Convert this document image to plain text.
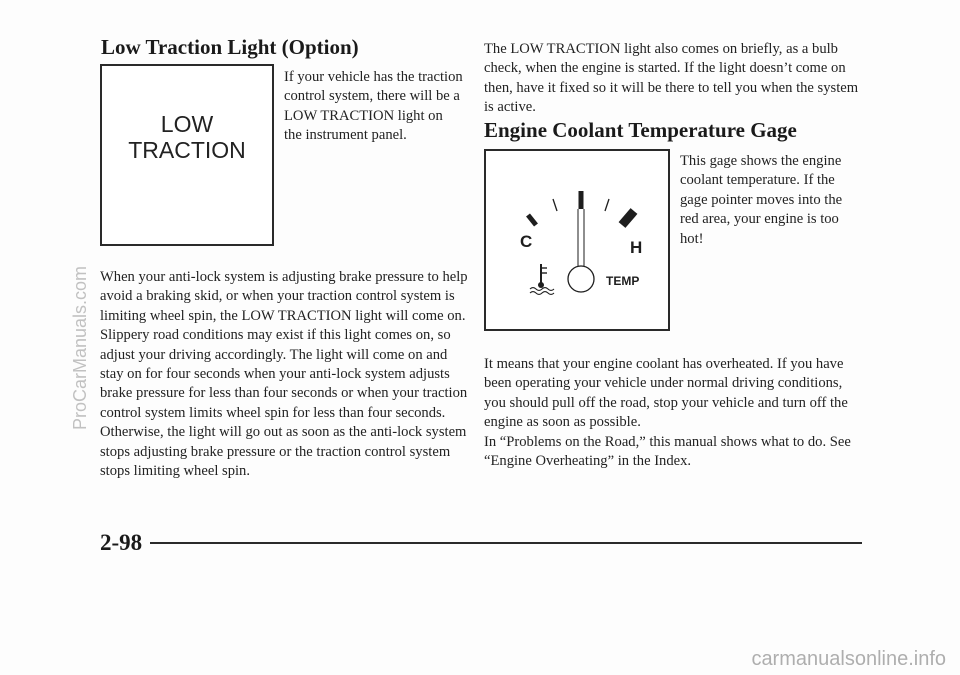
Low Traction Light (Option)
LOW
TRACTION

If your vehicle has the traction control system, there will be a LOW TRACTION light on the instrument panel.

When your anti-lock system is adjusting brake pressure to help avoid a braking skid, or when your traction control system is limiting wheel spin, the LOW TRACTION light will come on. Slippery road conditions may exist if this light comes on, so adjust your driving accordingly. The light will come on and stay on for four seconds when your anti-lock system adjusts brake pressure for less than four seconds or when your traction control system limits wheel spin for less than four seconds. Otherwise, the light will go out as soon as the anti-lock system stops adjusting brake pressure or the traction control system stops limiting wheel spin.

The LOW TRACTION light also comes on briefly, as a bulb check, when the engine is started. If the light doesn’t come on then, have it fixed so it will be there to tell you when the system is active.

Engine Coolant Temperature Gage
C	H
TEMP

This gage shows the engine coolant temperature. If the gage pointer moves into the red area, your engine is too hot!

It means that your engine coolant has overheated. If you have been operating your vehicle under normal driving conditions, you should pull off the road, stop your vehicle and turn off the engine as soon as possible.

In “Problems on the Road,” this manual shows what to do. See “Engine Overheating” in the Index.

2-98
ProCarManuals.com
carmanualsonline.info
